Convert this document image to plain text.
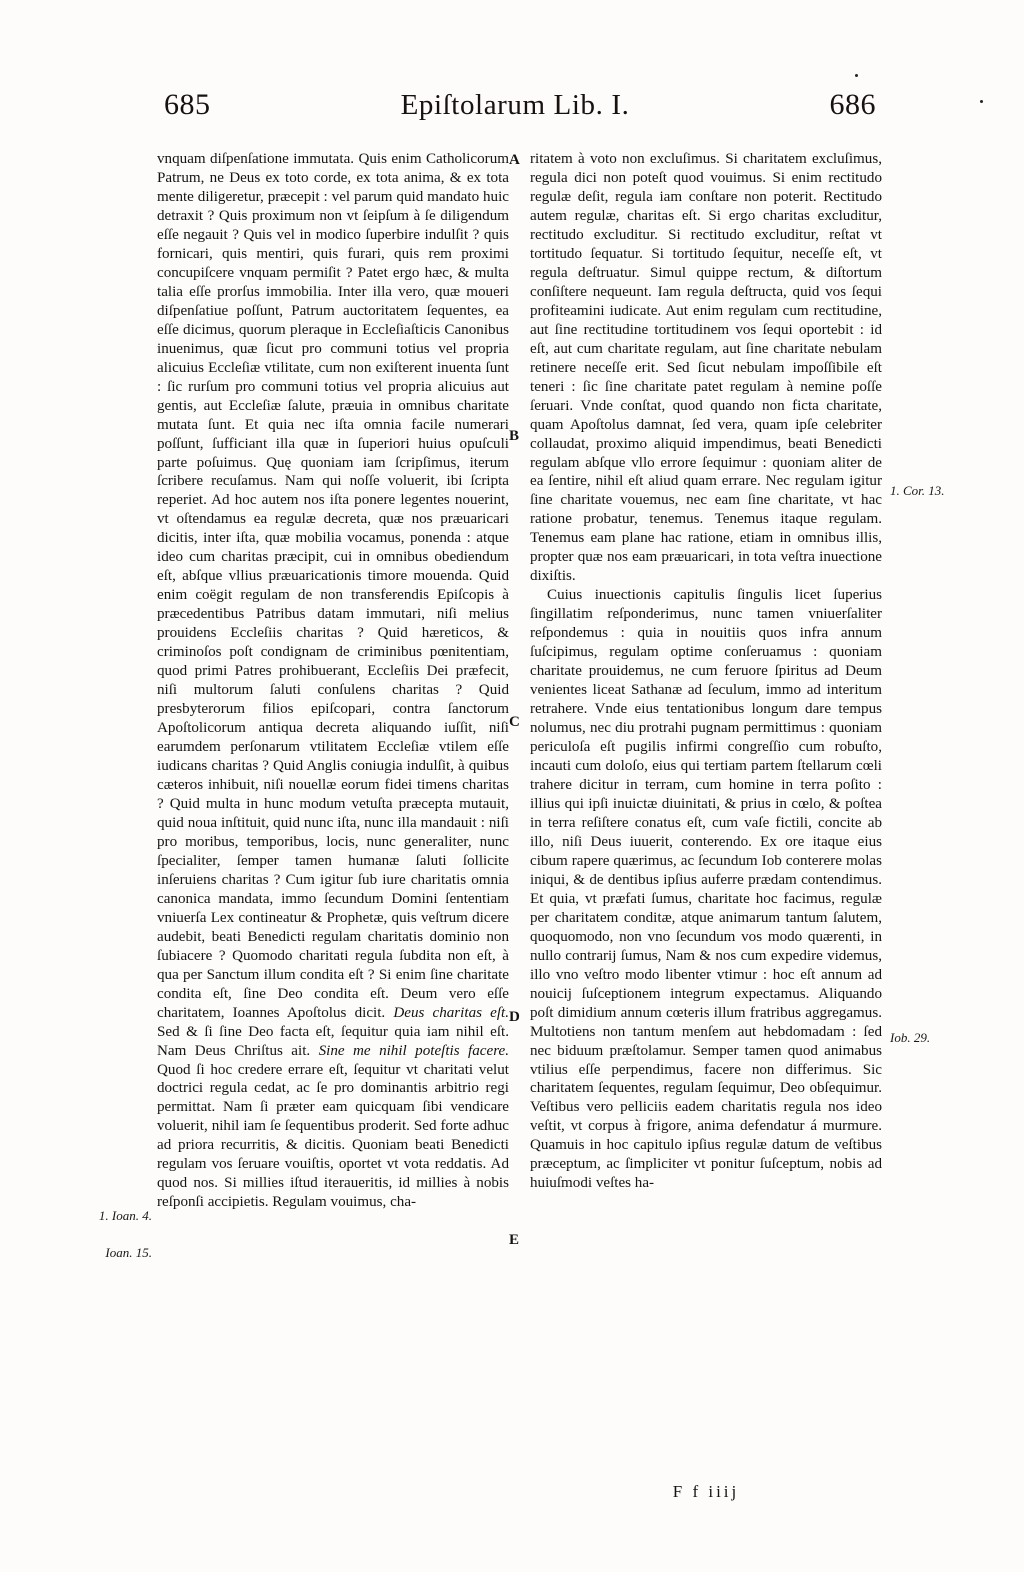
685	Epiſtolarum Lib. I.	686

vnquam diſpenſatione immutata. Quis enim Catholicorum Patrum, ne Deus ex toto corde, ex tota anima, & ex tota mente diligeretur, præcepit : vel parum quid mandato huic detraxit ? Quis proximum non vt ſeipſum à ſe diligendum eſſe negauit ? Quis vel in modico ſuperbire indulſit ? quis fornicari, quis mentiri, quis furari, quis rem proximi concupiſcere vnquam permiſit ? Patet ergo hæc, & multa talia eſſe prorſus immobilia. Inter illa vero, quæ moueri diſpenſatiue poſſunt, Patrum auctoritatem ſequentes, ea eſſe dicimus, quorum pleraque in Eccleſiaſticis Canonibus inuenimus, quæ ſicut pro communi totius vel propria alicuius Eccleſiæ vtilitate, cum non exiſterent inuenta ſunt : ſic rurſum pro communi totius vel propria alicuius aut gentis, aut Eccleſiæ ſalute, præuia in omnibus charitate mutata ſunt. Et quia nec iſta omnia facile numerari poſſunt, ſufficiant illa quæ in ſuperiori huius opuſculi parte poſuimus. Quę quoniam iam ſcripſimus, iterum ſcribere recuſamus. Nam qui noſſe voluerit, ibi ſcripta reperiet. Ad hoc autem nos iſta ponere legentes nouerint, vt oſtendamus ea regulæ decreta, quæ nos præuaricari dicitis, inter iſta, quæ mobilia vocamus, ponenda : atque ideo cum charitas præcipit, cui in omnibus obediendum eſt, abſque vllius præuaricationis timore mouenda. Quid enim coëgit regulam de non transferendis Epiſcopis à præcedentibus Patribus datam immutari, niſi melius prouidens Eccleſiis charitas ? Quid hæreticos, & criminoſos poſt condignam de criminibus pœnitentiam, quod primi Patres prohibuerant, Eccleſiis Dei præfecit, niſi multorum ſaluti conſulens charitas ? Quid presbyterorum filios epiſcopari, contra ſanctorum Apoſtolicorum antiqua decreta aliquando iuſſit, niſi earumdem perſonarum vtilitatem Eccleſiæ vtilem eſſe iudicans charitas ? Quid Anglis coniugia indulſit, à quibus cæteros inhibuit, niſi nouellæ eorum fidei timens charitas ? Quid multa in hunc modum vetuſta præcepta mutauit, quid noua inſtituit, quid nunc iſta, nunc illa mandauit : niſi pro moribus, temporibus, locis, nunc generaliter, nunc ſpecialiter, ſemper tamen humanæ ſaluti ſollicite inſeruiens charitas ? Cum igitur ſub iure charitatis omnia canonica mandata, immo ſecundum Domini ſententiam vniuerſa Lex contineatur & Prophetæ, quis veſtrum dicere audebit, beati Benedicti regulam charitatis dominio non ſubiacere ? Quomodo charitati regula ſubdita non eſt, à qua per Sanctum illum condita eſt ? Si enim ſine charitate condita eſt, ſine Deo condita eſt. Deum vero eſſe charitatem, Ioannes Apoſtolus dicit. Deus charitas eſt. Sed & ſi ſine Deo facta eſt, ſequitur quia iam nihil eſt. Nam Deus Chriſtus ait. Sine me nihil poteſtis facere. Quod ſi hoc credere errare eſt, ſequitur vt charitati velut doctrici regula cedat, ac ſe pro dominantis arbitrio regi permittat. Nam ſi præter eam quicquam ſibi vendicare voluerit, nihil iam ſe ſequentibus proderit. Sed forte adhuc ad priora recurritis, & dicitis. Quoniam beati Benedicti regulam vos ſeruare vouiſtis, oportet vt vota reddatis. Ad quod nos. Si millies iſtud iteraueritis, id millies à nobis reſponſi accipietis. Regulam vouimus, cha-

ritatem à voto non excluſimus. Si charitatem excluſimus, regula dici non poteſt quod vouimus. Si enim rectitudo regulæ deſit, regula iam conſtare non poterit. Rectitudo autem regulæ, charitas eſt. Si ergo charitas excluditur, rectitudo excluditur. Si rectitudo excluditur, reſtat vt tortitudo ſequatur. Si tortitudo ſequitur, neceſſe eſt, vt regula deſtruatur. Simul quippe rectum, & diſtortum conſiſtere nequeunt. Iam regula deſtructa, quid vos ſequi profiteamini iudicate. Aut enim regulam cum rectitudine, aut ſine rectitudine tortitudinem vos ſequi oportebit : id eſt, aut cum charitate regulam, aut ſine charitate nebulam retinere neceſſe erit. Sed ſicut nebulam impoſſibile eſt teneri : ſic ſine charitate patet regulam à nemine poſſe ſeruari. Vnde conſtat, quod quando non ficta charitate, quam Apoſtolus damnat, ſed vera, quam ipſe celebriter collaudat, proximo aliquid impendimus, beati Benedicti regulam abſque vllo errore ſequimur : quoniam aliter de ea ſentire, nihil eſt aliud quam errare. Nec regulam igitur ſine charitate vouemus, nec eam ſine charitate, vt hac ratione probatur, tenemus. Tenemus itaque regulam. Tenemus eam plane hac ratione, etiam in omnibus illis, propter quæ nos eam præuaricari, in tota veſtra inuectione dixiſtis.

Cuius inuectionis capitulis ſingulis licet ſuperius ſingillatim reſponderimus, nunc tamen vniuerſaliter reſpondemus : quia in nouitiis quos infra annum ſuſcipimus, regulam optime conſeruamus : quoniam charitate prouidemus, ne cum feruore ſpiritus ad Deum venientes liceat Sathanæ ad ſeculum, immo ad interitum retrahere. Vnde eius tentationibus longum dare tempus nolumus, nec diu protrahi pugnam permittimus : quoniam periculoſa eſt pugilis infirmi congreſſio cum robuſto, incauti cum doloſo, eius qui tertiam partem ſtellarum cœli trahere dicitur in terram, cum homine in terra poſito : illius qui ipſi inuictæ diuinitati, & prius in cœlo, & poſtea in terra reſiſtere conatus eſt, cum vaſe fictili, concite ab illo, niſi Deus iuuerit, conterendo. Ex ore itaque eius cibum rapere quærimus, ac ſecundum Iob conterere molas iniqui, & de dentibus ipſius auferre prædam contendimus. Et quia, vt præfati ſumus, charitate hoc facimus, regulæ per charitatem conditæ, atque animarum tantum ſalutem, quoquomodo, non vno ſecundum vos modo quærenti, in nullo contrarij ſumus, Nam & nos cum expedire videmus, illo vno veſtro modo libenter vtimur : hoc eſt annum ad nouicij ſuſceptionem integrum expectamus. Aliquando poſt dimidium annum cœteris illum fratribus aggregamus. Multotiens non tantum menſem aut hebdomadam : ſed nec biduum præſtolamur. Semper tamen quod animabus vtilius eſſe perpendimus, facere non differimus. Sic charitatem ſequentes, regulam ſequimur, Deo obſequimur. Veſtibus vero pelliciis eadem charitatis regula nos ideo veſtit, vt corpus à frigore, anima defendatur á murmure. Quamuis in hoc capitulo ipſius regulæ datum de veſtibus præceptum, ac ſimpliciter vt ponitur ſuſceptum, nobis ad huiuſmodi veſtes ha-

1. Ioan. 4.
Ioan. 15.
1. Cor. 13.
Iob. 29.
A
B
C
D
E
F f iiij
